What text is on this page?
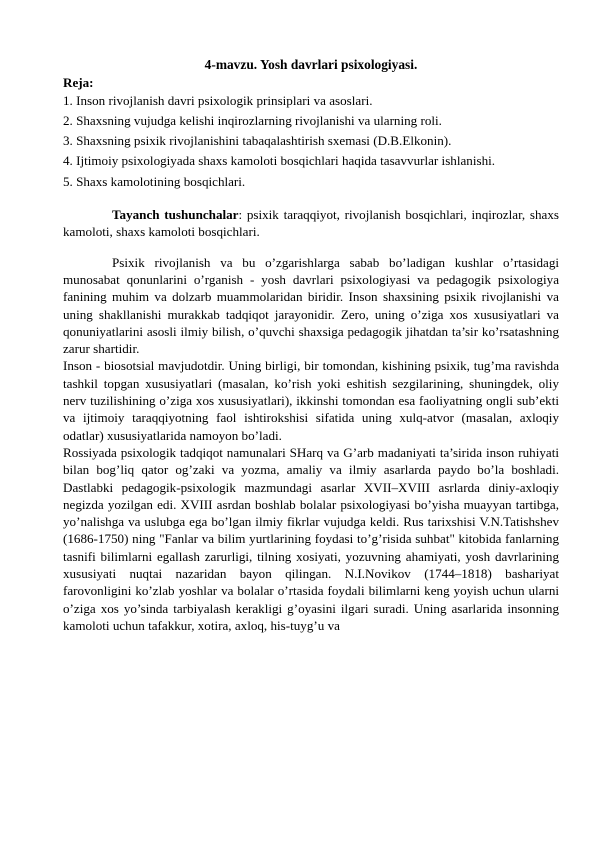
4-mavzu. Yosh davrlari psixologiyasi.

Reja:

1. Inson rivojlanish davri psixologik prinsiplari va asoslari.
2. Shaxsning vujudga kelishi inqirozlarning rivojlanishi va ularning roli.
3. Shaxsning psixik rivojlanishini tabaqalashtirish sxemasi (D.B.Elkonin).
4. Ijtimoiy psixologiyada shaxs kamoloti bosqichlari haqida tasavvurlar ishlanishi.
5. Shaxs kamolotining bosqichlari.

Tayanch tushunchalar: psixik taraqqiyot, rivojlanish bosqichlari, inqirozlar, shaxs kamoloti, shaxs kamoloti bosqichlari.

Psixik rivojlanish va bu o’zgarishlarga sabab bo’ladigan kushlar o’rtasidagi munosabat qonunlarini o’rganish - yosh davrlari psixologiyasi va pedagogik psixologiya fanining muhim va dolzarb muammolaridan biridir. Inson shaxsining psixik rivojlanishi va uning shakllanishi murakkab tadqiqot jarayonidir. Zero, uning o’ziga xos xususiyatlari va qonuniyatlarini asosli ilmiy bilish, o’quvchi shaxsiga pedagogik jihatdan ta’sir ko’rsatashning zarur shartidir.

Inson - biosotsial mavjudotdir. Uning birligi, bir tomondan, kishining psixik, tug’ma ravishda tashkil topgan xususiyatlari (masalan, ko’rish yoki eshitish sezgilarining, shuningdek, oliy nerv tuzilishining o’ziga xos xususiyatlari), ikkinshi tomondan esa faoliyatning ongli sub’ekti va ijtimoiy taraqqiyotning faol ishtirokshisi sifatida uning xulq-atvor (masalan, axloqiy odatlar) xususiyatlarida namoyon bo’ladi.

Rossiyada psixologik tadqiqot namunalari SHarq va G’arb madaniyati ta’sirida inson ruhiyati bilan bog’liq qator og’zaki va yozma, amaliy va ilmiy asarlarda paydo bo’la boshladi. Dastlabki pedagogik-psixologik mazmundagi asarlar XVII–XVIII asrlarda diniy-axloqiy negizda yozilgan edi. XVIII asrdan boshlab bolalar psixologiyasi bo’yisha muayyan tartibga, yo’nalishga va uslubga ega bo’lgan ilmiy fikrlar vujudga keldi. Rus tarixshisi V.N.Tatishshev (1686-1750) ning "Fanlar va bilim yurtlarining foydasi to’g’risida suhbat" kitobida fanlarning tasnifi bilimlarni egallash zarurligi, tilning xosiyati, yozuvning ahamiyati, yosh davrlarining xususiyati nuqtai nazaridan bayon qilingan. N.I.Novikov (1744–1818) bashariyat farovonligini ko’zlab yoshlar va bolalar o’rtasida foydali bilimlarni keng yoyish uchun ularni o’ziga xos yo’sinda tarbiyalash kerakligi g’oyasini ilgari suradi. Uning asarlarida insonning kamoloti uchun tafakkur, xotira, axloq, his-tuyg’u va
